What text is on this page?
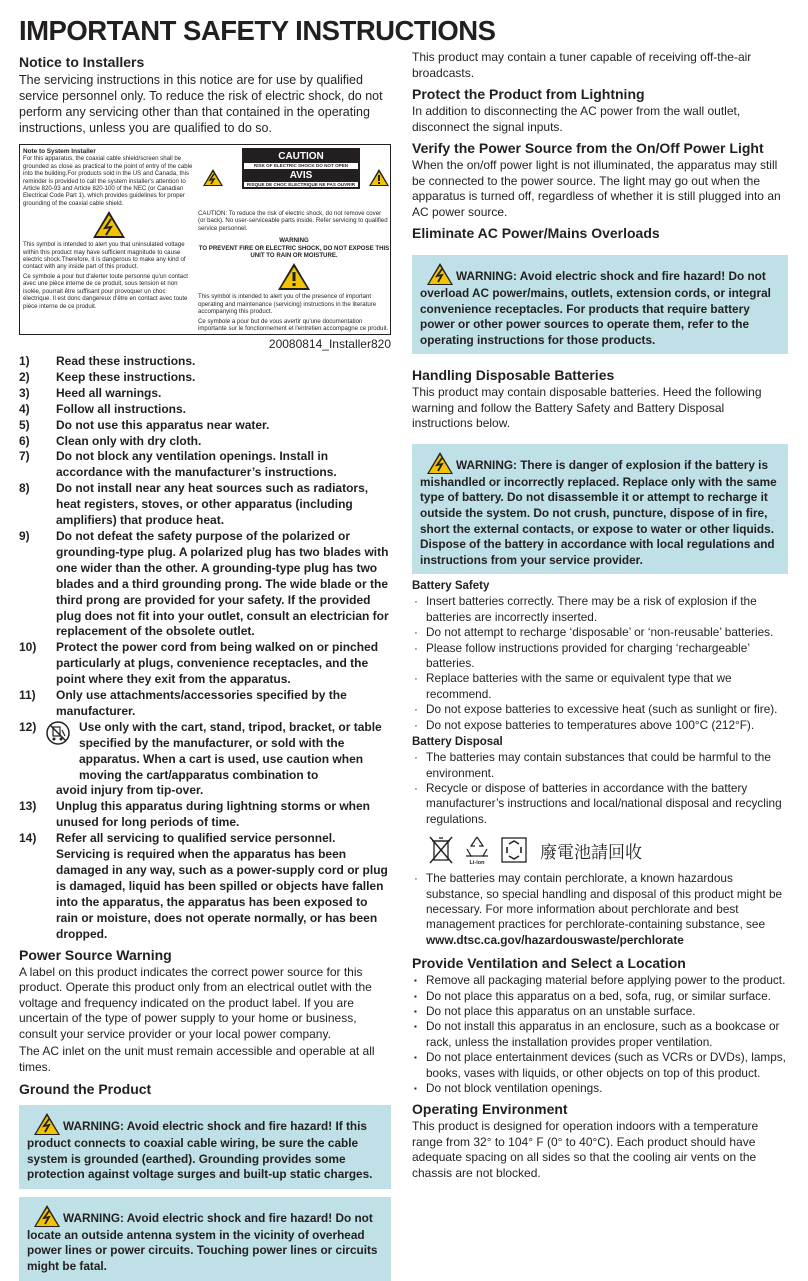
IMPORTANT SAFETY INSTRUCTIONS
Notice to Installers

The servicing instructions in this notice are for use by qualified service personnel only. To reduce the risk of electric shock, do not perform any servicing other than that contained in the operating instructions, unless you are qualified to do so.

Note to System Installer
For this apparatus, the coaxial cable shield/screen shall be grounded as close as practical to the point of entry of the cable into the building.For products sold in the US and Canada, this reminder is provided to call the system installer's attention to Article 820-93 and Article 820-100 of the NEC (or Canadian Electrical Code Part 1), which provides guidelines for proper grounding of the coaxial cable shield.
This symbol is intended to alert you that uninsulated voltage within this product may have sufficient magnitude to cause electric shock.Therefore, it is dangerous to make any kind of contact with any inside part of this product.
Ce symbole a pour but d'alerter toute personne qu'un contact avec une pièce interne de ce produit, sous tension et non isolée, pourrait être suffisant pour provoquer un choc électrique. Il est donc dangereux d'être en contact avec toute pièce interne de ce produit.
CAUTION
RISK OF ELECTRIC SHOCK DO NOT OPEN
AVIS
RISQUE DE CHOC ÉLECTRIQUE NE PAS OUVRIR
CAUTION: To reduce the risk of electric shock, do not remove cover (or back). No user-serviceable parts inside. Refer servicing to qualified service personnel.
WARNING
TO PREVENT FIRE OR ELECTRIC SHOCK, DO NOT EXPOSE THIS UNIT TO RAIN OR MOISTURE.
This symbol is intended to alert you of the presence of important operating and maintenance (servicing) instructions in the literature accompanying this product.
Ce symbole a pour but de vous avertir qu'une documentation importante sur le fonctionnement et l'entretien accompagne ce produit.
20080814_Installer820
1) Read these instructions.
2) Keep these instructions.
3) Heed all warnings.
4) Follow all instructions.
5) Do not use this apparatus near water.
6) Clean only with dry cloth.
7) Do not block any ventilation openings. Install in accordance with the manufacturer’s instructions.
8) Do not install near any heat sources such as radiators, heat registers, stoves, or other apparatus (including amplifiers) that produce heat.
9) Do not defeat the safety purpose of the polarized or grounding-type plug. A polarized plug has two blades with one wider than the other. A grounding-type plug has two blades and a third grounding prong. The wide blade or the third prong are provided for your safety. If the provided plug does not fit into your outlet, consult an electrician for replacement of the obsolete outlet.
10) Protect the power cord from being walked on or pinched particularly at plugs, convenience receptacles, and the point where they exit from the apparatus.
11) Only use attachments/accessories specified by the manufacturer.
12)	Use only with the cart, stand, tripod, bracket, or table specified by the manufacturer, or sold with the apparatus. When a cart is used, use caution when moving the cart/apparatus combination to
avoid injury from tip-over.
13) Unplug this apparatus during lightning storms or when unused for long periods of time.
14) Refer all servicing to qualified service personnel. Servicing is required when the apparatus has been damaged in any way, such as a power-supply cord or plug is damaged, liquid has been spilled or objects have fallen into the apparatus, the apparatus has been exposed to rain or moisture, does not operate normally, or has been dropped.
Power Source Warning

A label on this product indicates the correct power source for this product. Operate this product only from an electrical outlet with the voltage and frequency indicated on the product label. If you are uncertain of the type of power supply to your home or business, consult your service provider or your local power company.

The AC inlet on the unit must remain accessible and operable at all times.

Ground the Product
WARNING: Avoid electric shock and fire hazard! If this product connects to coaxial cable wiring, be sure the cable system is grounded (earthed). Grounding provides some protection against voltage surges and built-up static charges.
WARNING: Avoid electric shock and fire hazard! Do not locate an outside antenna system in the vicinity of overhead power lines or power circuits. Touching power lines or circuits might be fatal.

This product may contain a tuner capable of receiving off-the-air broadcasts.

Protect the Product from Lightning

In addition to disconnecting the AC power from the wall outlet, disconnect the signal inputs.

Verify the Power Source from the On/Off Power Light

When the on/off power light is not illuminated, the apparatus may still be connected to the power source. The light may go out when the apparatus is turned off, regardless of whether it is still plugged into an AC power source.

Eliminate AC Power/Mains Overloads
WARNING: Avoid electric shock and fire hazard! Do not overload AC power/mains, outlets, extension cords, or integral convenience receptacles. For products that require battery power or other power sources to operate them, refer to the operating instructions for those products.
Handling Disposable Batteries

This product may contain disposable batteries. Heed the following warning and follow the Battery Safety and Battery Disposal instructions below.

WARNING: There is danger of explosion if the battery is mishandled or incorrectly replaced. Replace only with the same type of battery. Do not disassemble it or attempt to recharge it outside the system. Do not crush, puncture, dispose of in fire, short the external contacts, or expose to water or other liquids. Dispose of the battery in accordance with local regulations and instructions from your service provider.
Battery Safety
· Insert batteries correctly. There may be a risk of explosion if the batteries are incorrectly inserted.
· Do not attempt to recharge ‘disposable’ or ‘non-reusable’ batteries.
· Please follow instructions provided for charging ‘rechargeable’ batteries.
· Replace batteries with the same or equivalent type that we recommend.
· Do not expose batteries to excessive heat (such as sunlight or fire).
· Do not expose batteries to temperatures above 100°C (212°F).
Battery Disposal
· The batteries may contain substances that could be harmful to the environment.
· Recycle or dispose of batteries in accordance with the battery manufacturer’s instructions and local/national disposal and recycling regulations.
Li-ion
廢電池請回收
· The batteries may contain perchlorate, a known hazardous substance, so special handling and disposal of this product might be necessary. For more information about perchlorate and best management practices for perchlorate-containing substance, see www.dtsc.ca.gov/hazardouswaste/perchlorate
Provide Ventilation and Select a Location
▪ Remove all packaging material before applying power to the product.
▪ Do not place this apparatus on a bed, sofa, rug, or similar surface.
▪ Do not place this apparatus on an unstable surface.
▪ Do not install this apparatus in an enclosure, such as a bookcase or rack, unless the installation provides proper ventilation.
▪ Do not place entertainment devices (such as VCRs or DVDs), lamps, books, vases with liquids, or other objects on top of this product.
▪ Do not block ventilation openings.
Operating Environment

This product is designed for operation indoors with a temperature range from 32° to 104° F (0° to 40°C). Each product should have adequate spacing on all sides so that the cooling air vents on the chassis are not blocked.
